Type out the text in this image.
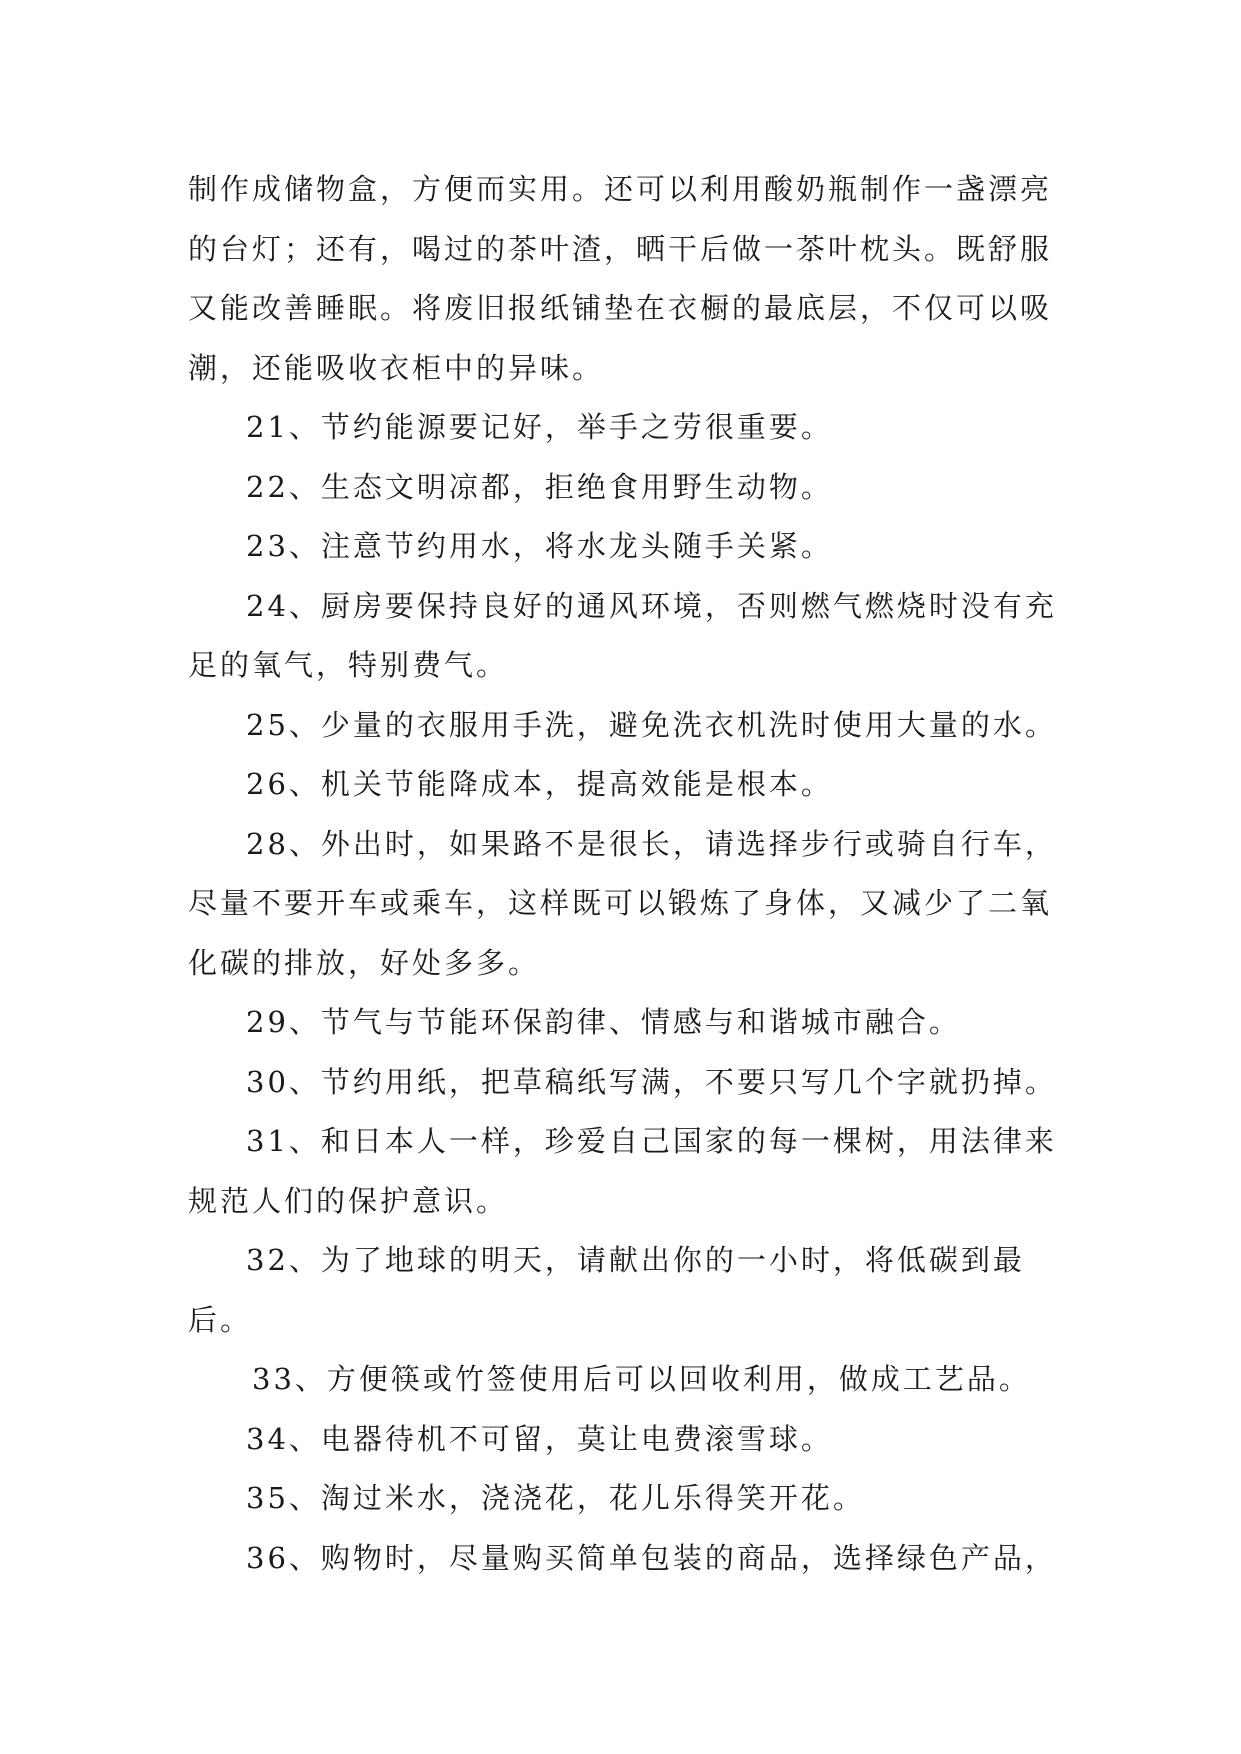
制作成储物盒，方便而实用。还可以利用酸奶瓶制作一盏漂亮的台灯；还有，喝过的茶叶渣，晒干后做一茶叶枕头。既舒服又能改善睡眠。将废旧报纸铺垫在衣橱的最底层，不仅可以吸潮，还能吸收衣柜中的异味。

21、节约能源要记好，举手之劳很重要。

22、生态文明凉都，拒绝食用野生动物。

23、注意节约用水，将水龙头随手关紧。

24、厨房要保持良好的通风环境，否则燃气燃烧时没有充足的氧气，特别费气。

25、少量的衣服用手洗，避免洗衣机洗时使用大量的水。

26、机关节能降成本，提高效能是根本。

28、外出时，如果路不是很长，请选择步行或骑自行车，尽量不要开车或乘车，这样既可以锻炼了身体，又减少了二氧化碳的排放，好处多多。

29、节气与节能环保韵律、情感与和谐城市融合。

30、节约用纸，把草稿纸写满，不要只写几个字就扔掉。

31、和日本人一样，珍爱自己国家的每一棵树，用法律来规范人们的保护意识。

32、为了地球的明天，请献出你的一小时，将低碳到最后。

33、方便筷或竹签使用后可以回收利用，做成工艺品。

34、电器待机不可留，莫让电费滚雪球。

35、淘过米水，浇浇花，花儿乐得笑开花。

36、购物时，尽量购买简单包装的商品，选择绿色产品，
